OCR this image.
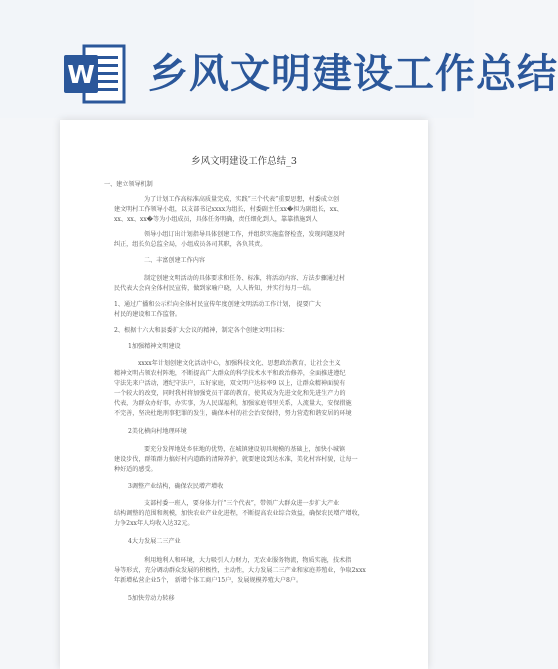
W 乡风文明建设工作总结
乡风文明建设工作总结_3
一、建立领导机制
为了计划工作高标准高质量完成，实践“三个代表”重要思想，村委成立创
建文明村工作领导小组，以支部书记xxxx为组长，村委副主任xx�担为副组长，xx、
xx、xx、xx�等为小组成员，具体任务明确，责任细化到人，靠靠措施到人
领导小组订出计划指导具体创建工作，并组织实施监督检查，发现问题及时
纠正，组长负总监全局，小组成员各司其职，各负其责。
二、丰富创建工作内容
制定创建文明活动的具体要求和任务、标准，将活动内容、方法步骤通过村
民代表大会向全体村民宣传，做到家喻户晓，人人皆知，并实行每月一结。
1、通过广播和公示栏向全体村民宣传年度创建文明活动工作计划， 提要广大
村民的建设和工作监督。
2、根据十六大和县委扩大会议的精神，制定各个创建文明目标：
1加强精神文明建设
xxxx年计划创建文化活动中心，加强科技文化、思想政治教育，让社会主义
精神文明占领农村阵地，不断提高广大群众的科学技术水平和政治修养，全面推进遵纪
守法先来户活动，遵纪守法户，五好家庭，双文明户达标率9 以上，让群众精神面貌有
一个较大的改变，同时我村将加强党员干部的教育，使其成为先进文化和先进生产力的
代表，为群众办好事，办实事，为人民谋福利，加强家庭邻里关系，人流量大，安保措施
不完善，坚决杜绝刑事犯罪的发生，确保本村的社会治安保持，努力营造和谐安居的环境
2美化横向村地理环境
要充分发挥地处乡驻地的优势，在城镇建设初具规模的基础上，加快小城镇
建设步伐，群策群力搞好村内道路的清障养护，就要建设到达水准，美化村容村貌，让每一
种好适的感受。
3调整产业结构，确保农民增产增收
支部村委一班人，要身体力行“三个代表”，带领广大群众进一步扩大产业
结构调整的范围和规模，加快农业产业化进程，不断提高农业综合效益，确保农民增产增收，
力争2xx年人均收入达32元。
4大力发展二三产业
利用地利人和环境，大力吸引人力财力，无农业服务物流，物质实施，技术指
导等形式，充分调动群众发展的积极性，主动性，大力发展二三产业和家庭养殖业，争取2xxx
年新增私营企业5个， 新增个体工商户15户，发展规模养殖大户8户。
5加快劳动力转移
